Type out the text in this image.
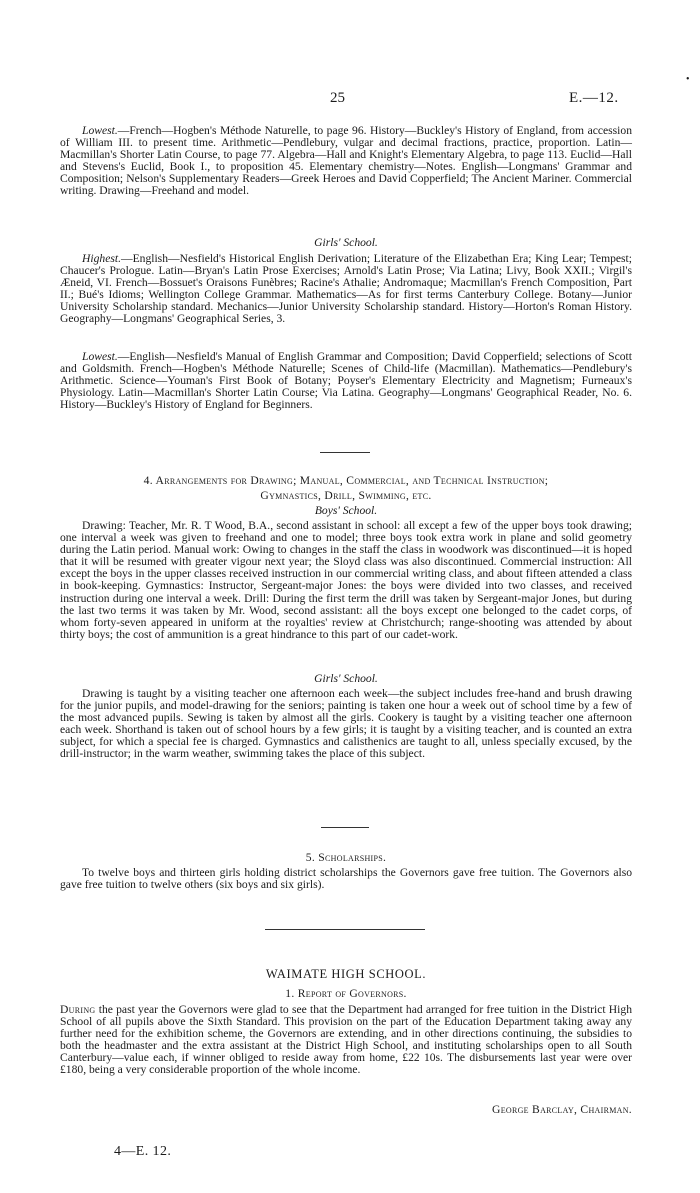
•
25	E.—12.

Lowest.—French—Hogben's Méthode Naturelle, to page 96. History—Buckley's History of England, from accession of William III. to present time. Arithmetic—Pendlebury, vulgar and decimal fractions, practice, proportion. Latin—Macmillan's Shorter Latin Course, to page 77. Algebra—Hall and Knight's Elementary Algebra, to page 113. Euclid—Hall and Stevens's Euclid, Book I., to proposition 45. Elementary chemistry—Notes. English—Longmans' Grammar and Composition; Nelson's Supplementary Readers—Greek Heroes and David Copperfield; The Ancient Mariner. Commercial writing. Drawing—Freehand and model.

Girls' School.

Highest.—English—Nesfield's Historical English Derivation; Literature of the Elizabethan Era; King Lear; Tempest; Chaucer's Prologue. Latin—Bryan's Latin Prose Exercises; Arnold's Latin Prose; Via Latina; Livy, Book XXII.; Virgil's Æneid, VI. French—Bossuet's Oraisons Funèbres; Racine's Athalie; Andromaque; Macmillan's French Composition, Part II.; Bué's Idioms; Wellington College Grammar. Mathematics—As for first terms Canterbury College. Botany—Junior University Scholarship standard. Mechanics—Junior University Scholarship standard. History—Horton's Roman History. Geography—Longmans' Geographical Series, 3.

Lowest.—English—Nesfield's Manual of English Grammar and Composition; David Copperfield; selections of Scott and Goldsmith. French—Hogben's Méthode Naturelle; Scenes of Child-life (Macmillan). Mathematics—Pendlebury's Arithmetic. Science—Youman's First Book of Botany; Poyser's Elementary Electricity and Magnetism; Furneaux's Physiology. Latin—Macmillan's Shorter Latin Course; Via Latina. Geography—Longmans' Geographical Reader, No. 6. History—Buckley's History of England for Beginners.

4. Arrangements for Drawing; Manual, Commercial, and Technical Instruction;
Gymnastics, Drill, Swimming, etc.
Boys' School.

Drawing: Teacher, Mr. R. T Wood, B.A., second assistant in school: all except a few of the upper boys took drawing; one interval a week was given to freehand and one to model; three boys took extra work in plane and solid geometry during the Latin period. Manual work: Owing to changes in the staff the class in woodwork was discontinued—it is hoped that it will be resumed with greater vigour next year; the Sloyd class was also discontinued. Commercial instruction: All except the boys in the upper classes received instruction in our commercial writing class, and about fifteen attended a class in book-keeping. Gymnastics: Instructor, Sergeant-major Jones: the boys were divided into two classes, and received instruction during one interval a week. Drill: During the first term the drill was taken by Sergeant-major Jones, but during the last two terms it was taken by Mr. Wood, second assistant: all the boys except one belonged to the cadet corps, of whom forty-seven appeared in uniform at the royalties' review at Christchurch; range-shooting was attended by about thirty boys; the cost of ammunition is a great hindrance to this part of our cadet-work.

Girls' School.

Drawing is taught by a visiting teacher one afternoon each week—the subject includes free-hand and brush drawing for the junior pupils, and model-drawing for the seniors; painting is taken one hour a week out of school time by a few of the most advanced pupils. Sewing is taken by almost all the girls. Cookery is taught by a visiting teacher one afternoon each week. Shorthand is taken out of school hours by a few girls; it is taught by a visiting teacher, and is counted an extra subject, for which a special fee is charged. Gymnastics and calisthenics are taught to all, unless specially excused, by the drill-instructor; in the warm weather, swimming takes the place of this subject.

5. Scholarships.

To twelve boys and thirteen girls holding district scholarships the Governors gave free tuition. The Governors also gave free tuition to twelve others (six boys and six girls).

WAIMATE HIGH SCHOOL.
1. Report of Governors.

During the past year the Governors were glad to see that the Department had arranged for free tuition in the District High School of all pupils above the Sixth Standard. This provision on the part of the Education Department taking away any further need for the exhibition scheme, the Governors are extending, and in other directions continuing, the subsidies to both the headmaster and the extra assistant at the District High School, and instituting scholarships open to all South Canterbury—value each, if winner obliged to reside away from home, £22 10s. The disbursements last year were over £180, being a very considerable proportion of the whole income.

George Barclay, Chairman.
4—E. 12.
